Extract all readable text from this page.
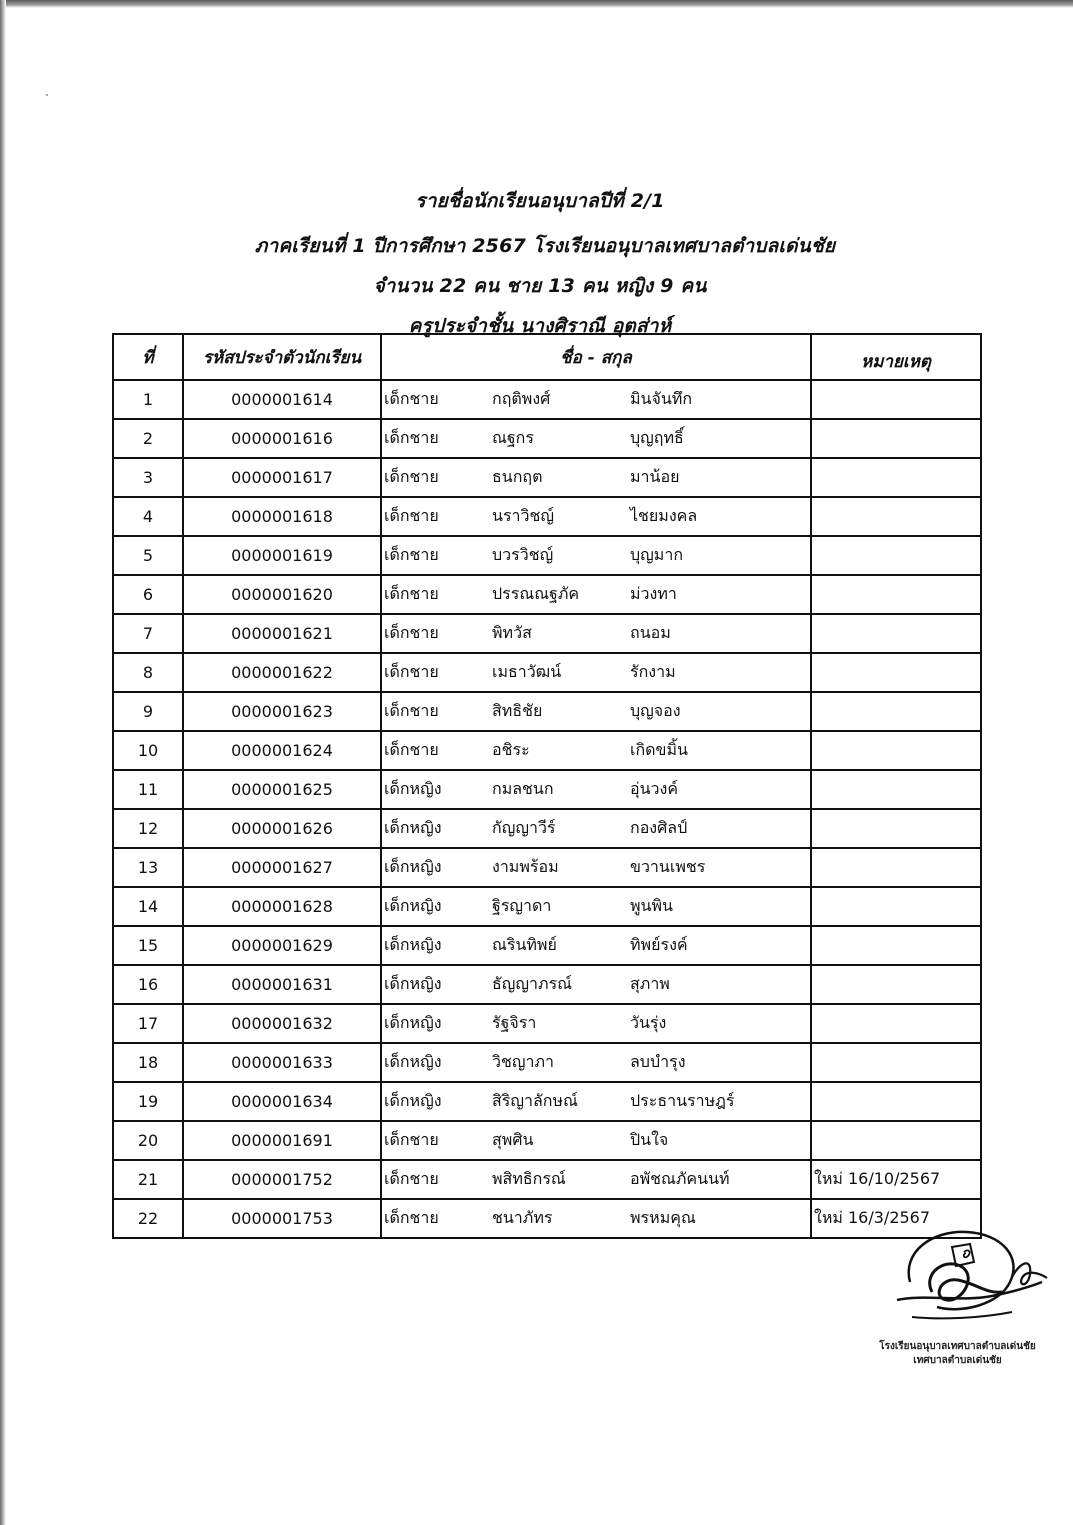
รายชื่อนักเรียนอนุบาลปีที่ 2/1
ภาคเรียนที่ 1 ปีการศึกษา 2567 โรงเรียนอนุบาลเทศบาลตำบลเด่นชัย
จำนวน 22 คน ชาย 13 คน หญิง 9 คน
ครูประจำชั้น นางศิราณี อุตส่าห์
ที่	รหัสประจำตัวนักเรียน	ชื่อ - สกุล	หมายเหตุ
1	0000001614	เด็กชาย กฤติพงศ์ มินจันทึก	
2	0000001616	เด็กชาย ณฐกร บุญฤทธิ์	
3	0000001617	เด็กชาย ธนกฤต มาน้อย	
4	0000001618	เด็กชาย นราวิชญ์ ไชยมงคล	
5	0000001619	เด็กชาย บวรวิชญ์ บุญมาก	
6	0000001620	เด็กชาย ปรรณณฐภัค ม่วงทา	
7	0000001621	เด็กชาย พิทวัส ถนอม	
8	0000001622	เด็กชาย เมธาวัฒน์ รักงาม	
9	0000001623	เด็กชาย สิทธิชัย บุญจอง	
10	0000001624	เด็กชาย อชิระ เกิดขมิ้น	
11	0000001625	เด็กหญิง กมลชนก อุ่นวงค์	
12	0000001626	เด็กหญิง กัญญาวีร์ กองศิลป์	
13	0000001627	เด็กหญิง งามพร้อม ขวานเพชร	
14	0000001628	เด็กหญิง ฐิรญาดา พูนพิน	
15	0000001629	เด็กหญิง ณรินทิพย์ ทิพย์รงค์	
16	0000001631	เด็กหญิง ธัญญาภรณ์ สุภาพ	
17	0000001632	เด็กหญิง รัฐจิรา วันรุ่ง	
18	0000001633	เด็กหญิง วิชญาภา ลบบำรุง	
19	0000001634	เด็กหญิง สิริญาลักษณ์ ประธานราษฎร์	
20	0000001691	เด็กชาย สุพศิน ปินใจ	
21	0000001752	เด็กชาย พสิทธิกรณ์ อพัชณภัคนนท์	ใหม่ 16/10/2567
22	0000001753	เด็กชาย ชนาภัทร พรหมคุณ	ใหม่ 16/3/2567
โรงเรียนอนุบาลเทศบาลตำบลเด่นชัย
เทศบาลตำบลเด่นชัย
